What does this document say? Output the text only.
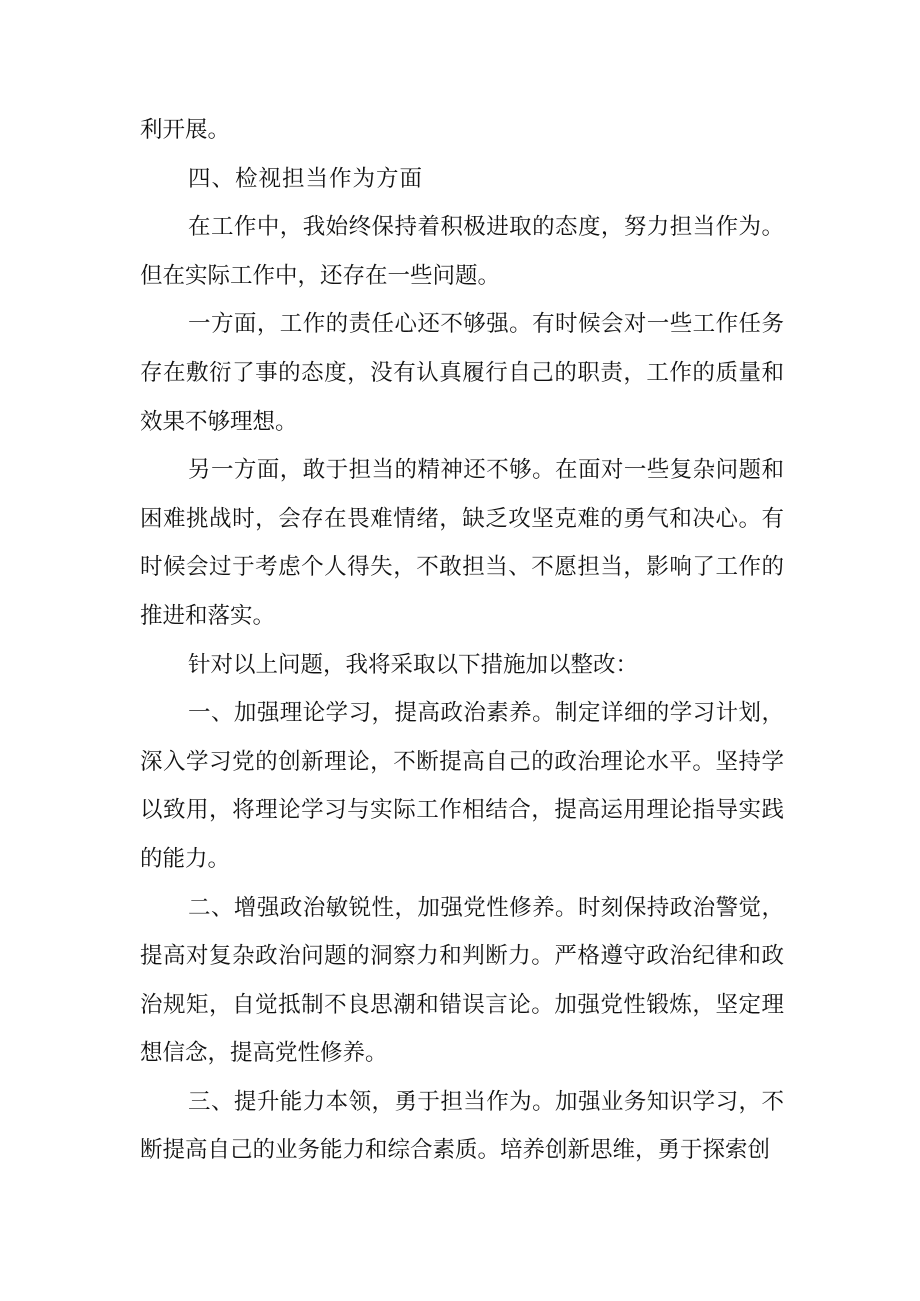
利开展。

四、检视担当作为方面

在工作中，我始终保持着积极进取的态度，努力担当作为。但在实际工作中，还存在一些问题。

一方面，工作的责任心还不够强。有时候会对一些工作任务存在敷衍了事的态度，没有认真履行自己的职责，工作的质量和效果不够理想。

另一方面，敢于担当的精神还不够。在面对一些复杂问题和困难挑战时，会存在畏难情绪，缺乏攻坚克难的勇气和决心。有时候会过于考虑个人得失，不敢担当、不愿担当，影响了工作的推进和落实。

针对以上问题，我将采取以下措施加以整改：

一、加强理论学习，提高政治素养。制定详细的学习计划，深入学习党的创新理论，不断提高自己的政治理论水平。坚持学以致用，将理论学习与实际工作相结合，提高运用理论指导实践的能力。

二、增强政治敏锐性，加强党性修养。时刻保持政治警觉，提高对复杂政治问题的洞察力和判断力。严格遵守政治纪律和政治规矩，自觉抵制不良思潮和错误言论。加强党性锻炼，坚定理想信念，提高党性修养。

三、提升能力本领，勇于担当作为。加强业务知识学习，不断提高自己的业务能力和综合素质。培养创新思维，勇于探索创
